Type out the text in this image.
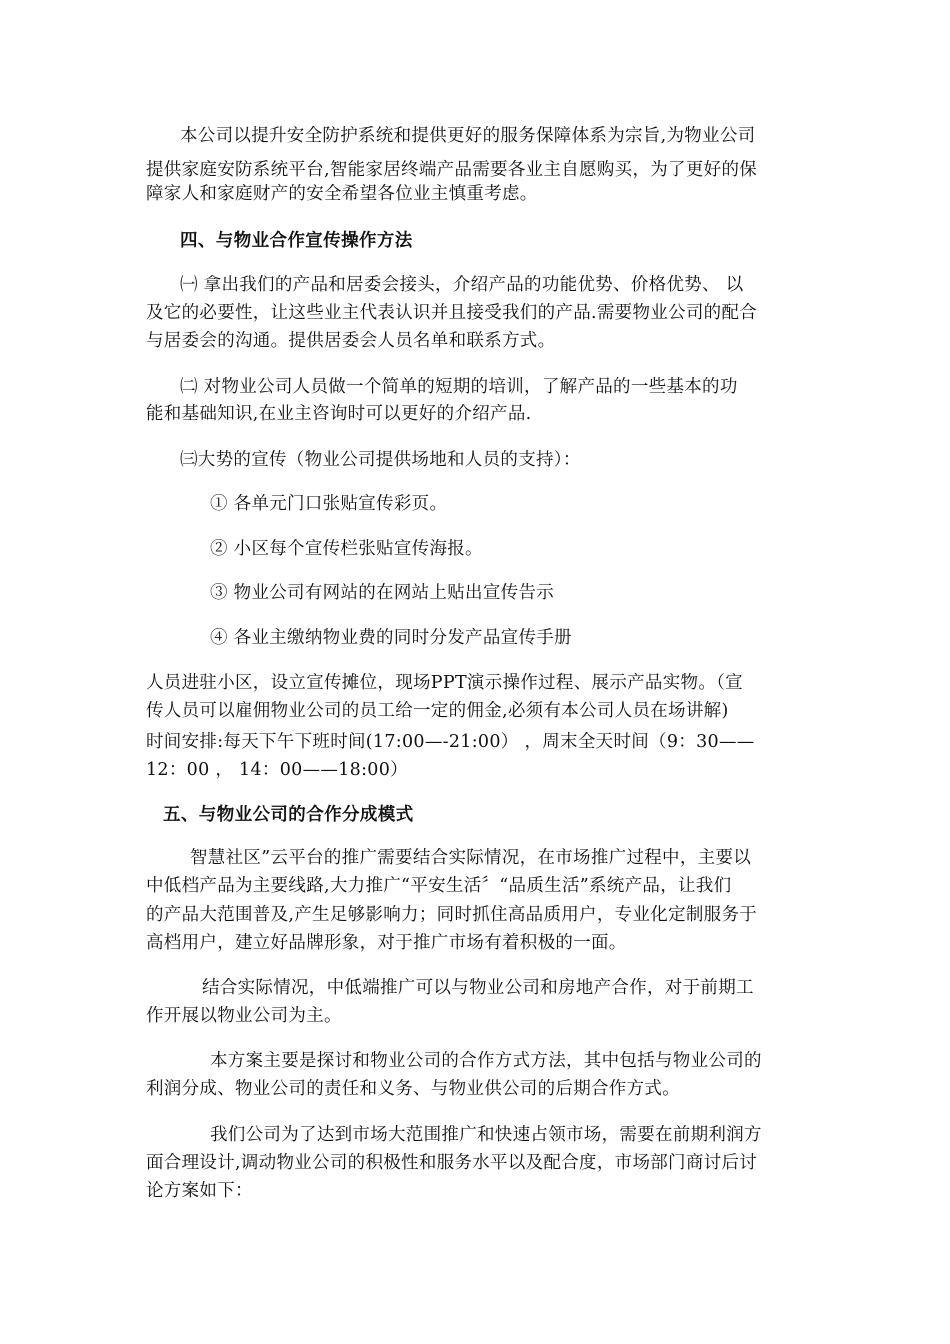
本公司以提升安全防护系统和提供更好的服务保障体系为宗旨,为物业公司
提供家庭安防系统平台,智能家居终端产品需要各业主自愿购买，为了更好的保
障家人和家庭财产的安全希望各位业主慎重考虑。
四、与物业合作宣传操作方法
㈠ 拿出我们的产品和居委会接头，介绍产品的功能优势、价格优势、 以
及它的必要性，让这些业主代表认识并且接受我们的产品.需要物业公司的配合
与居委会的沟通。提供居委会人员名单和联系方式。
㈡ 对物业公司人员做一个简单的短期的培训，了解产品的一些基本的功
能和基础知识,在业主咨询时可以更好的介绍产品.
㈢大势的宣传（物业公司提供场地和人员的支持）：
① 各单元门口张贴宣传彩页。
② 小区每个宣传栏张贴宣传海报。
③ 物业公司有网站的在网站上贴出宣传告示
④ 各业主缴纳物业费的同时分发产品宣传手册
人员进驻小区，设立宣传摊位，现场PPT演示操作过程、展示产品实物。（宣
传人员可以雇佣物业公司的员工给一定的佣金,必须有本公司人员在场讲解)
时间安排:每天下午下班时间(17:00—-21:00） ，周末全天时间（9：30——
12：00 ， 14：00——18:00）
五、与物业公司的合作分成模式
智慧社区”云平台的推广需要结合实际情况，在市场推广过程中，主要以
中低档产品为主要线路,大力推广“平安生活〞“品质生活”系统产品，让我们
的产品大范围普及,产生足够影响力；同时抓住高品质用户，专业化定制服务于
高档用户，建立好品牌形象，对于推广市场有着积极的一面。
结合实际情况，中低端推广可以与物业公司和房地产合作，对于前期工
作开展以物业公司为主。
本方案主要是探讨和物业公司的合作方式方法，其中包括与物业公司的
利润分成、物业公司的责任和义务、与物业供公司的后期合作方式。
我们公司为了达到市场大范围推广和快速占领市场，需要在前期利润方
面合理设计,调动物业公司的积极性和服务水平以及配合度，市场部门商讨后讨
论方案如下：
